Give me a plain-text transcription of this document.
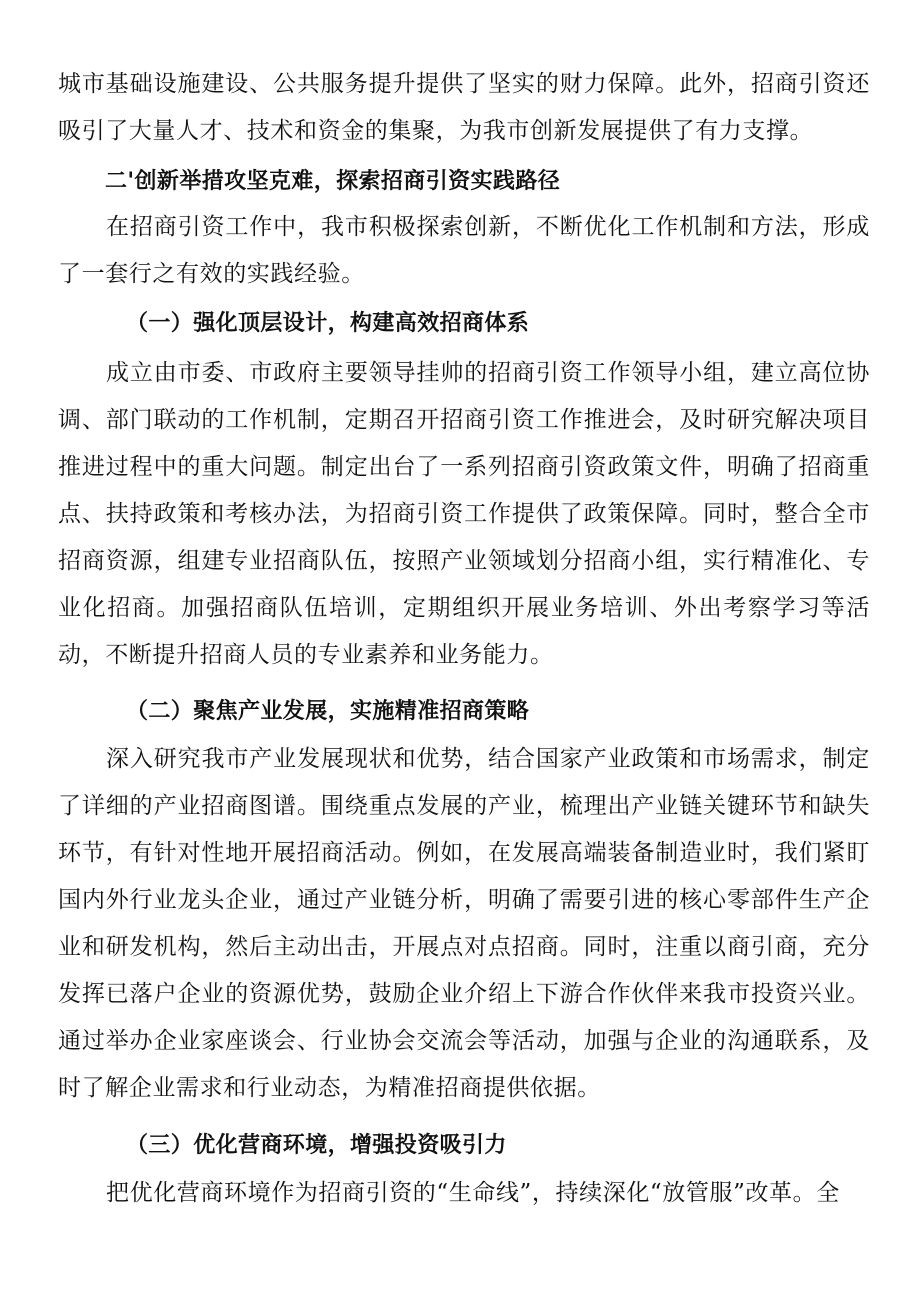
城市基础设施建设、公共服务提升提供了坚实的财力保障。此外，招商引资还吸引了大量人才、技术和资金的集聚，为我市创新发展提供了有力支撑。

二'创新举措攻坚克难，探索招商引资实践路径

在招商引资工作中，我市积极探索创新，不断优化工作机制和方法，形成了一套行之有效的实践经验。

（一）强化顶层设计，构建高效招商体系

成立由市委、市政府主要领导挂帅的招商引资工作领导小组，建立高位协调、部门联动的工作机制，定期召开招商引资工作推进会，及时研究解决项目推进过程中的重大问题。制定出台了一系列招商引资政策文件，明确了招商重点、扶持政策和考核办法，为招商引资工作提供了政策保障。同时，整合全市招商资源，组建专业招商队伍，按照产业领域划分招商小组，实行精准化、专业化招商。加强招商队伍培训，定期组织开展业务培训、外出考察学习等活动，不断提升招商人员的专业素养和业务能力。

（二）聚焦产业发展，实施精准招商策略

深入研究我市产业发展现状和优势，结合国家产业政策和市场需求，制定了详细的产业招商图谱。围绕重点发展的产业，梳理出产业链关键环节和缺失环节，有针对性地开展招商活动。例如，在发展高端装备制造业时，我们紧盯国内外行业龙头企业，通过产业链分析，明确了需要引进的核心零部件生产企业和研发机构，然后主动出击，开展点对点招商。同时，注重以商引商，充分发挥已落户企业的资源优势，鼓励企业介绍上下游合作伙伴来我市投资兴业。通过举办企业家座谈会、行业协会交流会等活动，加强与企业的沟通联系，及时了解企业需求和行业动态，为精准招商提供依据。

（三）优化营商环境，增强投资吸引力

把优化营商环境作为招商引资的“生命线”，持续深化“放管服”改革。全
